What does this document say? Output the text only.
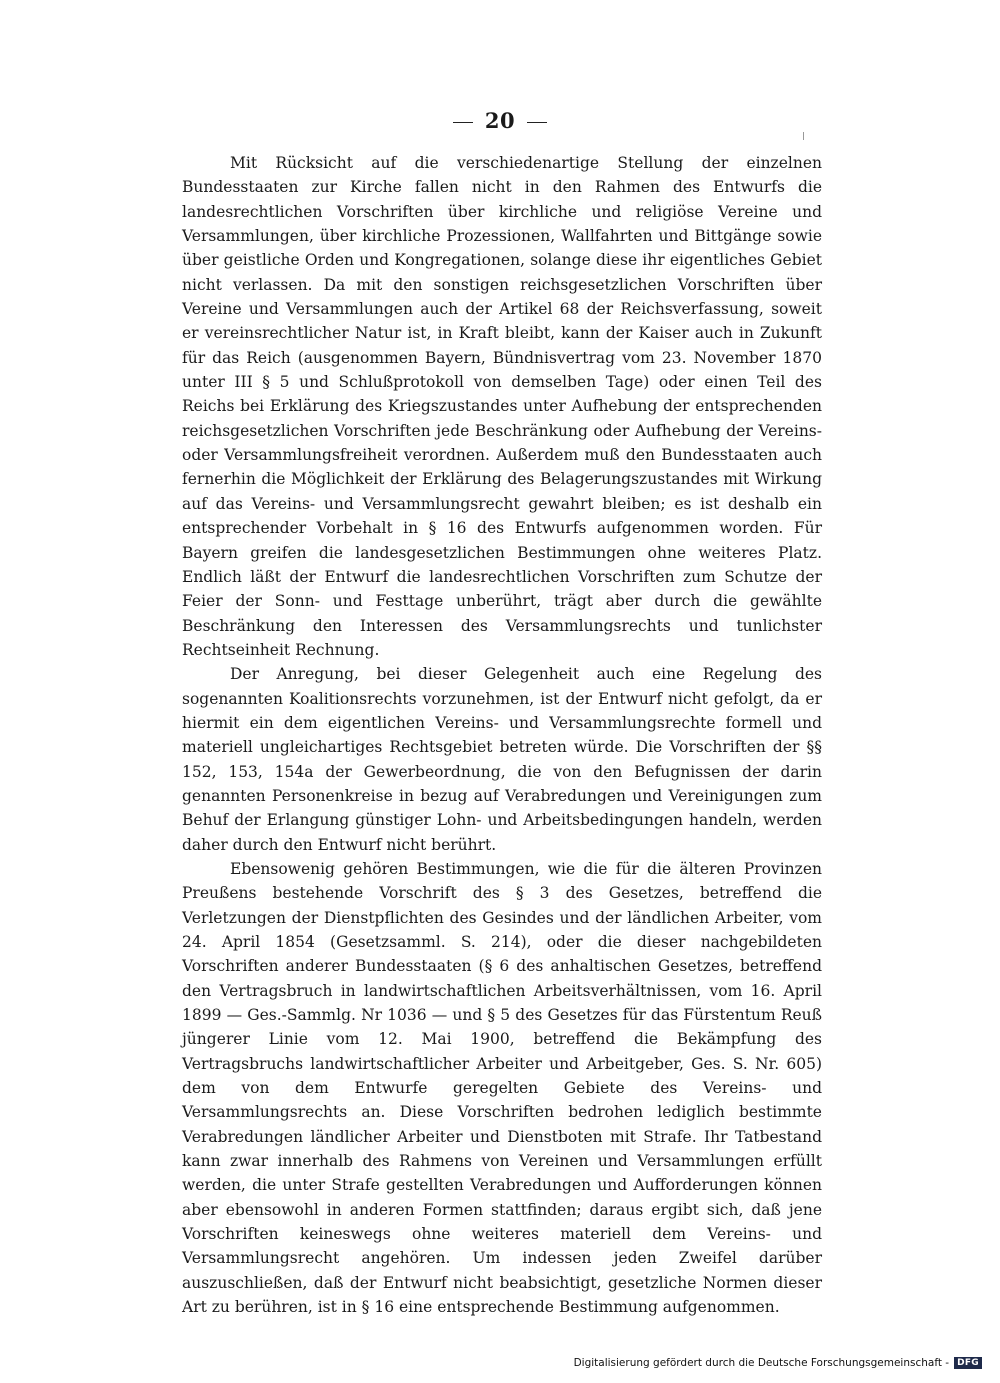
20

Mit Rücksicht auf die verschiedenartige Stellung der einzelnen Bundesstaaten zur Kirche fallen nicht in den Rahmen des Entwurfs die landesrechtlichen Vorschriften über kirchliche und religiöse Vereine und Versammlungen, über kirchliche Prozessionen, Wallfahrten und Bittgänge sowie über geistliche Orden und Kongregationen, solange diese ihr eigentliches Gebiet nicht verlassen. Da mit den sonstigen reichsgesetzlichen Vorschriften über Vereine und Versammlungen auch der Artikel 68 der Reichsverfassung, soweit er vereinsrechtlicher Natur ist, in Kraft bleibt, kann der Kaiser auch in Zukunft für das Reich (ausgenommen Bayern, Bündnisvertrag vom 23. November 1870 unter III § 5 und Schlußprotokoll von demselben Tage) oder einen Teil des Reichs bei Erklärung des Kriegszustandes unter Aufhebung der entsprechenden reichsgesetzlichen Vorschriften jede Beschränkung oder Aufhebung der Vereins- oder Versammlungsfreiheit verordnen. Außerdem muß den Bundesstaaten auch fernerhin die Möglichkeit der Erklärung des Belagerungszustandes mit Wirkung auf das Vereins- und Versammlungsrecht gewahrt bleiben; es ist deshalb ein entsprechender Vorbehalt in § 16 des Entwurfs aufgenommen worden. Für Bayern greifen die landesgesetzlichen Bestimmungen ohne weiteres Platz. Endlich läßt der Entwurf die landesrechtlichen Vorschriften zum Schutze der Feier der Sonn- und Festtage unberührt, trägt aber durch die gewählte Beschränkung den Interessen des Versammlungsrechts und tunlichster Rechtseinheit Rechnung.

Der Anregung, bei dieser Gelegenheit auch eine Regelung des sogenannten Koalitionsrechts vorzunehmen, ist der Entwurf nicht gefolgt, da er hiermit ein dem eigentlichen Vereins- und Versammlungsrechte formell und materiell ungleichartiges Rechtsgebiet betreten würde. Die Vorschriften der §§ 152, 153, 154a der Gewerbeordnung, die von den Befugnissen der darin genannten Personenkreise in bezug auf Verabredungen und Vereinigungen zum Behuf der Erlangung günstiger Lohn- und Arbeitsbedingungen handeln, werden daher durch den Entwurf nicht berührt.

Ebensowenig gehören Bestimmungen, wie die für die älteren Provinzen Preußens bestehende Vorschrift des § 3 des Gesetzes, betreffend die Verletzungen der Dienstpflichten des Gesindes und der ländlichen Arbeiter, vom 24. April 1854 (Gesetzsamml. S. 214), oder die dieser nachgebildeten Vorschriften anderer Bundesstaaten (§ 6 des anhaltischen Gesetzes, betreffend den Vertragsbruch in landwirtschaftlichen Arbeitsverhältnissen, vom 16. April 1899 — Ges.-Sammlg. Nr 1036 — und § 5 des Gesetzes für das Fürstentum Reuß jüngerer Linie vom 12. Mai 1900, betreffend die Bekämpfung des Vertragsbruchs landwirtschaftlicher Arbeiter und Arbeitgeber, Ges. S. Nr. 605) dem von dem Entwurfe geregelten Gebiete des Vereins- und Versammlungsrechts an. Diese Vorschriften bedrohen lediglich bestimmte Verabredungen ländlicher Arbeiter und Dienstboten mit Strafe. Ihr Tatbestand kann zwar innerhalb des Rahmens von Vereinen und Versammlungen erfüllt werden, die unter Strafe gestellten Verabredungen und Aufforderungen können aber ebensowohl in anderen Formen stattfinden; daraus ergibt sich, daß jene Vorschriften keineswegs ohne weiteres materiell dem Vereins- und Versammlungsrecht angehören. Um indessen jeden Zweifel darüber auszuschließen, daß der Entwurf nicht beabsichtigt, gesetzliche Normen dieser Art zu berühren, ist in § 16 eine entsprechende Bestimmung aufgenommen.

Digitalisierung gefördert durch die Deutsche Forschungsgemeinschaft - DFG
